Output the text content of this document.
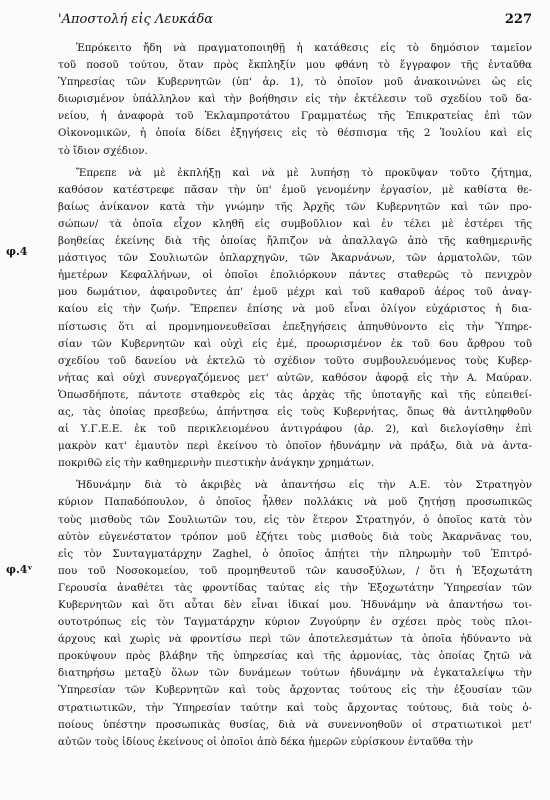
'Αποστολή εἰς Λευκάδα	227
φ.4
φ.4ᵛ
Ἐπρόκειτο ἤδη νὰ πραγματοποιηθῇ ἡ κατάθεσις εἰς τὸ δημόσιον ταμεῖον
τοῦ ποσοῦ τούτου, ὅταν πρὸς ἔκπληξίν μου φθάνη τὸ ἔγγραφον τῆς ἐνταῦθα
Ὑπηρεσίας τῶν Κυβερνητῶν (ὑπ' ἀρ. 1), τὸ ὁποῖον μοῦ ἀνακοινώνει ὡς εἰς
διωρισμένον ὑπάλληλον καὶ τὴν βοήθησιν εἰς τὴν ἐκτέλεσιν τοῦ σχεδίου τοῦ δα-
νείου, ἡ ἀναφορὰ τοῦ Ἐκλαμπροτάτου Γραμματέως τῆς Ἐπικρατείας ἐπὶ τῶν
Οἰκονομικῶν, ἡ ὁποία δίδει ἐξηγήσεις εἰς τὸ θέσπισμα τῆς 2 Ἰουλίου καὶ εἰς
τὸ ἴδιον σχέδιον.
Ἔπρεπε νὰ μὲ ἐκπλήξῃ καὶ νὰ μὲ λυπήσῃ τὸ προκῦψαν τοῦτο ζήτημα,
καθόσον κατέστρεφε πᾶσαν τὴν ὑπ' ἐμοῦ γενομένην ἐργασίον, μὲ καθίστα θε-
βαίως ἀνίκανον κατὰ τὴν γνώμην τῆς Ἀρχῆς τῶν Κυβερνητῶν καὶ τῶν προ-
σώπων/ τὰ ὁποῖα εἶχον κληθῆ εἰς συμβοῦλιον καὶ ἐν τέλει μὲ ἐστέρει τῆς
βοηθείας ἐκείνης διὰ τῆς ὁποίας ἤλπιζον νὰ ἀπαλλαγῶ ἀπὸ τῆς καθημερινῆς
μάστιγος τῶν Σουλιωτῶν ὁπλαρχηγῶν, τῶν Ἀκαρνάνων, τῶν ἁρματολῶν, τῶν
ἡμετέρων Κεφαλλήνων, οἱ ὁποῖοι ἐπολιόρκουν πάντες σταθερῶς τὸ πενιχρὸν
μου δωμάτιον, ἀφαιροῦντες ἀπ' ἐμοῦ μέχρι καὶ τοῦ καθαροῦ ἀέρος τοῦ ἀναγ-
καίου εἰς τὴν ζωήν. Ἔπρεπεν ἐπίσης νὰ μοῦ εἶναι ὀλίγον εὐχάριστος ἡ δια-
πίστωσις ὅτι αἱ προμνημονευθεῖσαι ἐπεξηγήσεις ἀπηυθύνοντο εἰς τὴν Ὑπηρε-
σίαν τῶν Κυβερνητῶν καὶ οὐχὶ εἰς ἐμέ, προωρισμένον ἐκ τοῦ 6ου ἄρθρου τοῦ
σχεδίου τοῦ δανείου νὰ ἐκτελῶ τὸ σχέδιον τοῦτο συμβουλευόμενος τοὺς Κυβερ-
νήτας καὶ οὐχὶ συνεργαζόμενος μετ' αὐτῶν, καθόσον ἀφορᾷ εἰς τὴν Α. Μαύραν.
Ὁπωσδήποτε, πάντοτε σταθερὸς εἰς τὰς ἀρχὰς τῆς ὑποταγῆς καὶ τῆς εὐπειθεί-
ας, τὰς ὁποίας πρεσβεύω, ἀπήντησα εἰς τοὺς Κυβερνήτας, ὅπως θὰ ἀντιληφθοῦν
αἱ Υ.Γ.Ε.Ε. ἐκ τοῦ περικλειομένου ἀντιγράφου (ἀρ. 2), καὶ διελογίσθην ἐπὶ
μακρὸν κατ' ἐμαυτὸν περὶ ἐκείνου τὸ ὁποῖον ἠδυνάμην νὰ πράξω, διὰ νὰ ἀντα-
ποκριθῶ εἰς τὴν καθημερινὴν πιεστικὴν ἀνάγκην χρημάτων.
Ἠδυνάμην διὰ τὸ ἀκριβὲς νὰ ἀπαντήσω εἰς τὴν Α.Ε. τὸν Στρατηγὸν
κύριον Παπαδόπουλον, ὁ ὁποῖος ἦλθεν πολλάκις νὰ μοῦ ζητήσῃ προσωπικῶς
τοὺς μισθοὺς τῶν Σουλιωτῶν του, εἰς τὸν ἕτερον Στρατηγόν, ὁ ὁποῖος κατὰ τὸν
αὐτὸν εὐγενέστατον τρόπον μοῦ ἐζήτει τοὺς μισθοὺς διὰ τοὺς Ἀκαρνᾶνας του,
εἰς τὸν Συνταγματάρχην Zaghel, ὁ ὁποῖος ἀπῄτει τὴν πληρωμὴν τοῦ Ἐπιτρό-
που τοῦ Νοσοκομείου, τοῦ προμηθευτοῦ τῶν καυσοξύλων, / ὅτι ἡ Ἐξοχωτάτη
Γερουσία ἀναθέτει τὰς φροντίδας ταύτας εἰς τὴν Ἐξοχωτάτην Ὑπηρεσίαν τῶν
Κυβερνητῶν καὶ ὅτι αὗται δὲν εἶναι ἰδικαί μου. Ἠδυνάμην νὰ ἀπαντήσω τοι-
ουτοτρόπως εἰς τὸν Ταγματάρχην κύριον Ζυγούρην ἐν σχέσει πρὸς τοὺς πλοι-
άρχους καὶ χωρὶς νὰ φροντίσω περὶ τῶν ἀποτελεσμάτων τὰ ὁποῖα ἠδύναντο νὰ
προκύψουν πρὸς βλάβην τῆς ὑπηρεσίας καὶ τῆς ἁρμονίας, τὰς ὁποίας ζητῶ νὰ
διατηρήσω μεταξὺ ὅλων τῶν δυνάμεων τούτων ἠδυνάμην νὰ ἐγκαταλείψω τὴν
Ὑπηρεσίαν τῶν Κυβερνητῶν καὶ τοὺς ἄρχοντας τούτους εἰς τὴν ἐξουσίαν τῶν
στρατιωτικῶν, τὴν Ὑπηρεσίαν ταύτην καὶ τοὺς ἄρχοντας τούτους, διὰ τοὺς ὁ-
ποίους ὑπέστην προσωπικὰς θυσίας, διὰ νὰ συνεννοηθοῦν οἱ στρατιωτικοὶ μετ'
αὐτῶν τοὺς ἰδίους ἐκείνους οἱ ὁποῖοι ἀπὸ δέκα ἡμερῶν εὑρίσκουν ἐνταῦθα τὴν
